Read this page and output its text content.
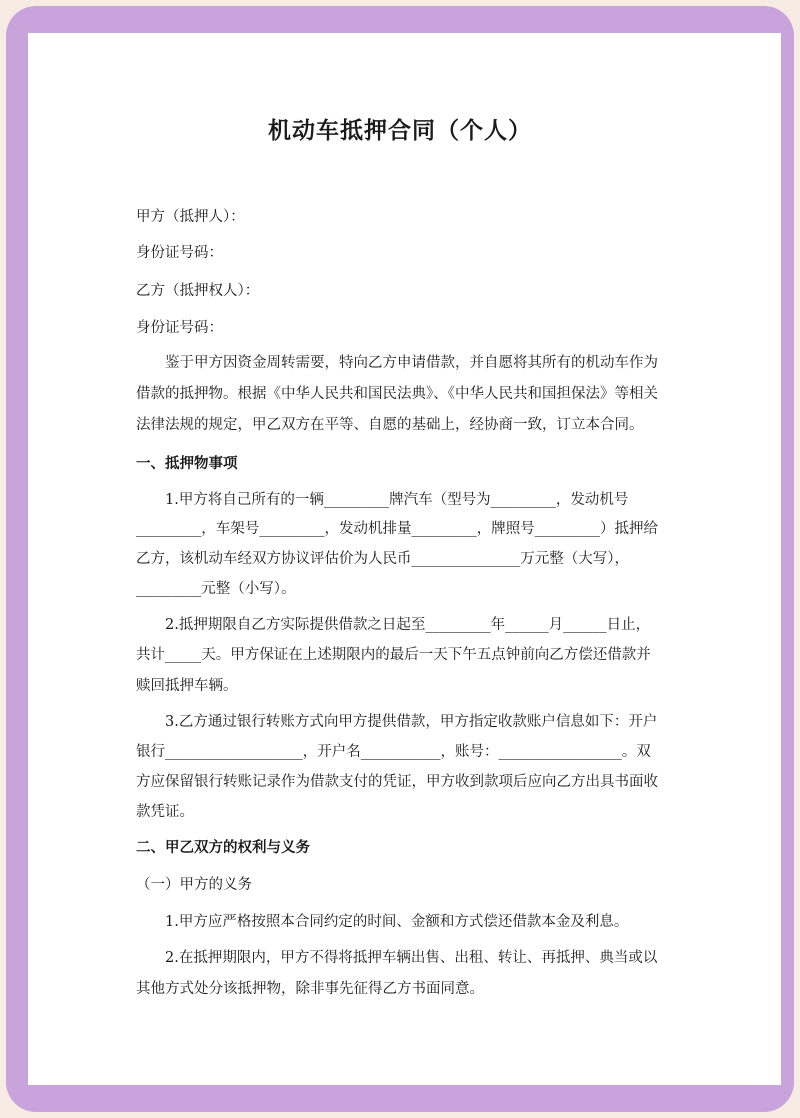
机动车抵押合同（个人）

甲方（抵押人）：

身份证号码：

乙方（抵押权人）：

身份证号码：

鉴于甲方因资金周转需要，特向乙方申请借款，并自愿将其所有的机动车作为

借款的抵押物。根据《中华人民共和国民法典》、《中华人民共和国担保法》等相关

法律法规的规定，甲乙双方在平等、自愿的基础上，经协商一致，订立本合同。

一、抵押物事项

1.甲方将自己所有的一辆_________牌汽车（型号为_________，发动机号

_________，车架号_________，发动机排量_________，牌照号_________）抵押给

乙方，该机动车经双方协议评估价为人民币_______________万元整（大写），

_________元整（小写）。

2.抵押期限自乙方实际提供借款之日起至_________年______月______日止，

共计_____天。甲方保证在上述期限内的最后一天下午五点钟前向乙方偿还借款并

赎回抵押车辆。

3.乙方通过银行转账方式向甲方提供借款，甲方指定收款账户信息如下：开户

银行___________________，开户名___________，账号：_________________。双

方应保留银行转账记录作为借款支付的凭证，甲方收到款项后应向乙方出具书面收

款凭证。

二、甲乙双方的权利与义务

（一）甲方的义务

1.甲方应严格按照本合同约定的时间、金额和方式偿还借款本金及利息。

2.在抵押期限内，甲方不得将抵押车辆出售、出租、转让、再抵押、典当或以

其他方式处分该抵押物，除非事先征得乙方书面同意。
